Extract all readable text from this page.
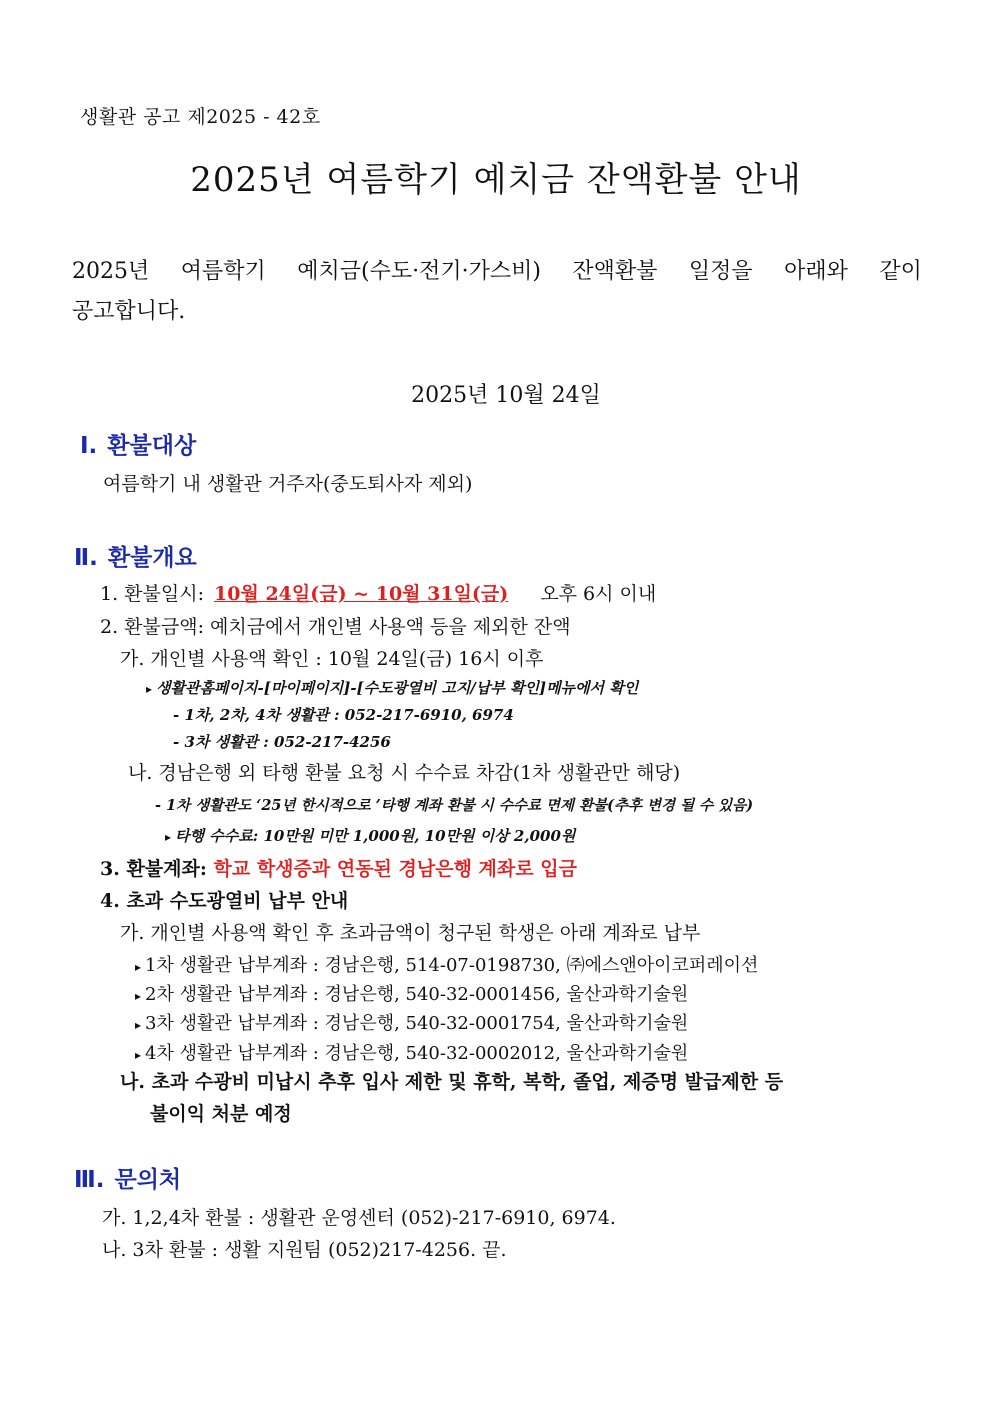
생활관 공고 제2025 - 42호
2025년 여름학기 예치금 잔액환불 안내
2025년 여름학기 예치금(수도·전기·가스비) 잔액환불 일정을 아래와 같이
공고합니다.
2025년 10월 24일
Ⅰ. 환불대상
여름학기 내 생활관 거주자(중도퇴사자 제외)
Ⅱ. 환불개요
1. 환불일시: 10월 24일(금) ~ 10월 31일(금) 오후 6시 이내
2. 환불금액: 예치금에서 개인별 사용액 등을 제외한 잔액
가. 개인별 사용액 확인 : 10월 24일(금) 16시 이후
▸ 생활관홈페이지-[마이페이지]-[수도광열비 고지/납부 확인]메뉴에서 확인
- 1차, 2차, 4차 생활관 : 052-217-6910, 6974
- 3차 생활관 : 052-217-4256
나. 경남은행 외 타행 환불 요청 시 수수료 차감(1차 생활관만 해당)
- 1차 생활관도 ‘25년 한시적으로 ’타행 계좌 환불 시 수수료 면제 환불(추후 변경 될 수 있음)
▸ 타행 수수료: 10만원 미만 1,000원, 10만원 이상 2,000원
3. 환불계좌: 학교 학생증과 연동된 경남은행 계좌로 입금
4. 초과 수도광열비 납부 안내
가. 개인별 사용액 확인 후 초과금액이 청구된 학생은 아래 계좌로 납부
▸ 1차 생활관 납부계좌 : 경남은행, 514-07-0198730, ㈜에스앤아이코퍼레이션
▸ 2차 생활관 납부계좌 : 경남은행, 540-32-0001456, 울산과학기술원
▸ 3차 생활관 납부계좌 : 경남은행, 540-32-0001754, 울산과학기술원
▸ 4차 생활관 납부계좌 : 경남은행, 540-32-0002012, 울산과학기술원
나. 초과 수광비 미납시 추후 입사 제한 및 휴학, 복학, 졸업, 제증명 발급제한 등
불이익 처분 예정
Ⅲ. 문의처
가. 1,2,4차 환불 : 생활관 운영센터 (052)-217-6910, 6974.
나. 3차 환불 : 생활 지원팀 (052)217-4256. 끝.
